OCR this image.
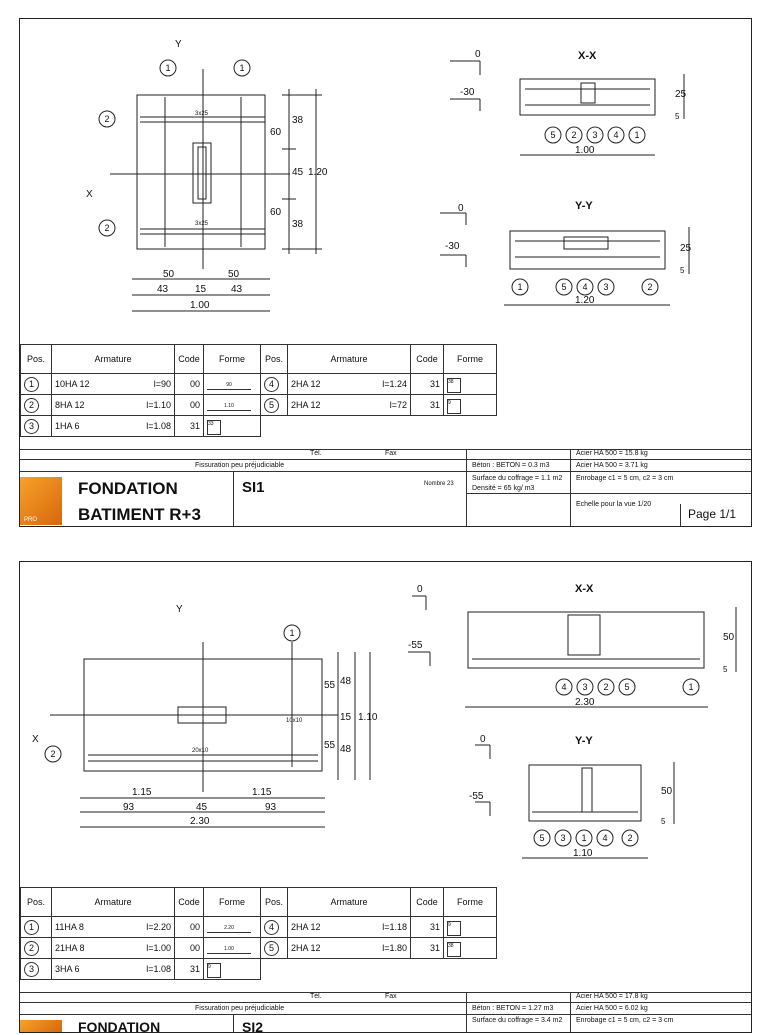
Y
X
3x25
3x25
38
60
45
60
38
1.20
50	50
43	15 43
1.00
X-X
0
-30	25
5
1.00
Y-Y
0
-30	25
5
1.20
1	1
2
2
5 2 3 4 1
1	5 4 3	2
Pos.	Armature	Code	Forme	Pos.	Armature	Code	Forme
1	10HA 12 l=90	00	90	4	2HA 12 l=1.24	31	38
2	8HA 12 l=1.10	00	1.10	5	2HA 12 l=72	31	9
3	1HA 6 l=1.08	31	33				
Tél.	Fax
Fissuration peu préjudiciable	Béton : BETON = 0.3 m3
Surface du coffrage = 1.1 m2
Densité = 65 kg/ m3
Acier HA 500 = 15.8 kg
Acier HA 500 = 3.71 kg
Enrobage c1 = 5 cm, c2 = 3 cm
Echelle pour la vue 1/20
Nombre 23
Page 1/1
PRO
FONDATION
BATIMENT R+3
SI1
Y
X
10x10
20x10
55 48
15
55 48
1.10
1.15	1.15
93	45	93
2.30
X-X
0
-55
50
5
2.30
Y-Y
0
-55	50
5
1.10
1
2
4 3 2 5	1
5 3 1 4 2
Pos.	Armature	Code	Forme	Pos.	Armature	Code	Forme
1	11HA 8 l=2.20	00	2.20	4	2HA 12 l=1.18	31	9
2	21HA 8 l=1.00	00	1.00	5	2HA 12 l=1.80	31	38
3	3HA 6 l=1.08	31	9				
Tél.	Fax
Fissuration peu préjudiciable	Béton : BETON = 1.27 m3
Surface du coffrage = 3.4 m2
Acier HA 500 = 17.8 kg
Acier HA 500 = 6.02 kg
Enrobage c1 = 5 cm, c2 = 3 cm
FONDATION	SI2
